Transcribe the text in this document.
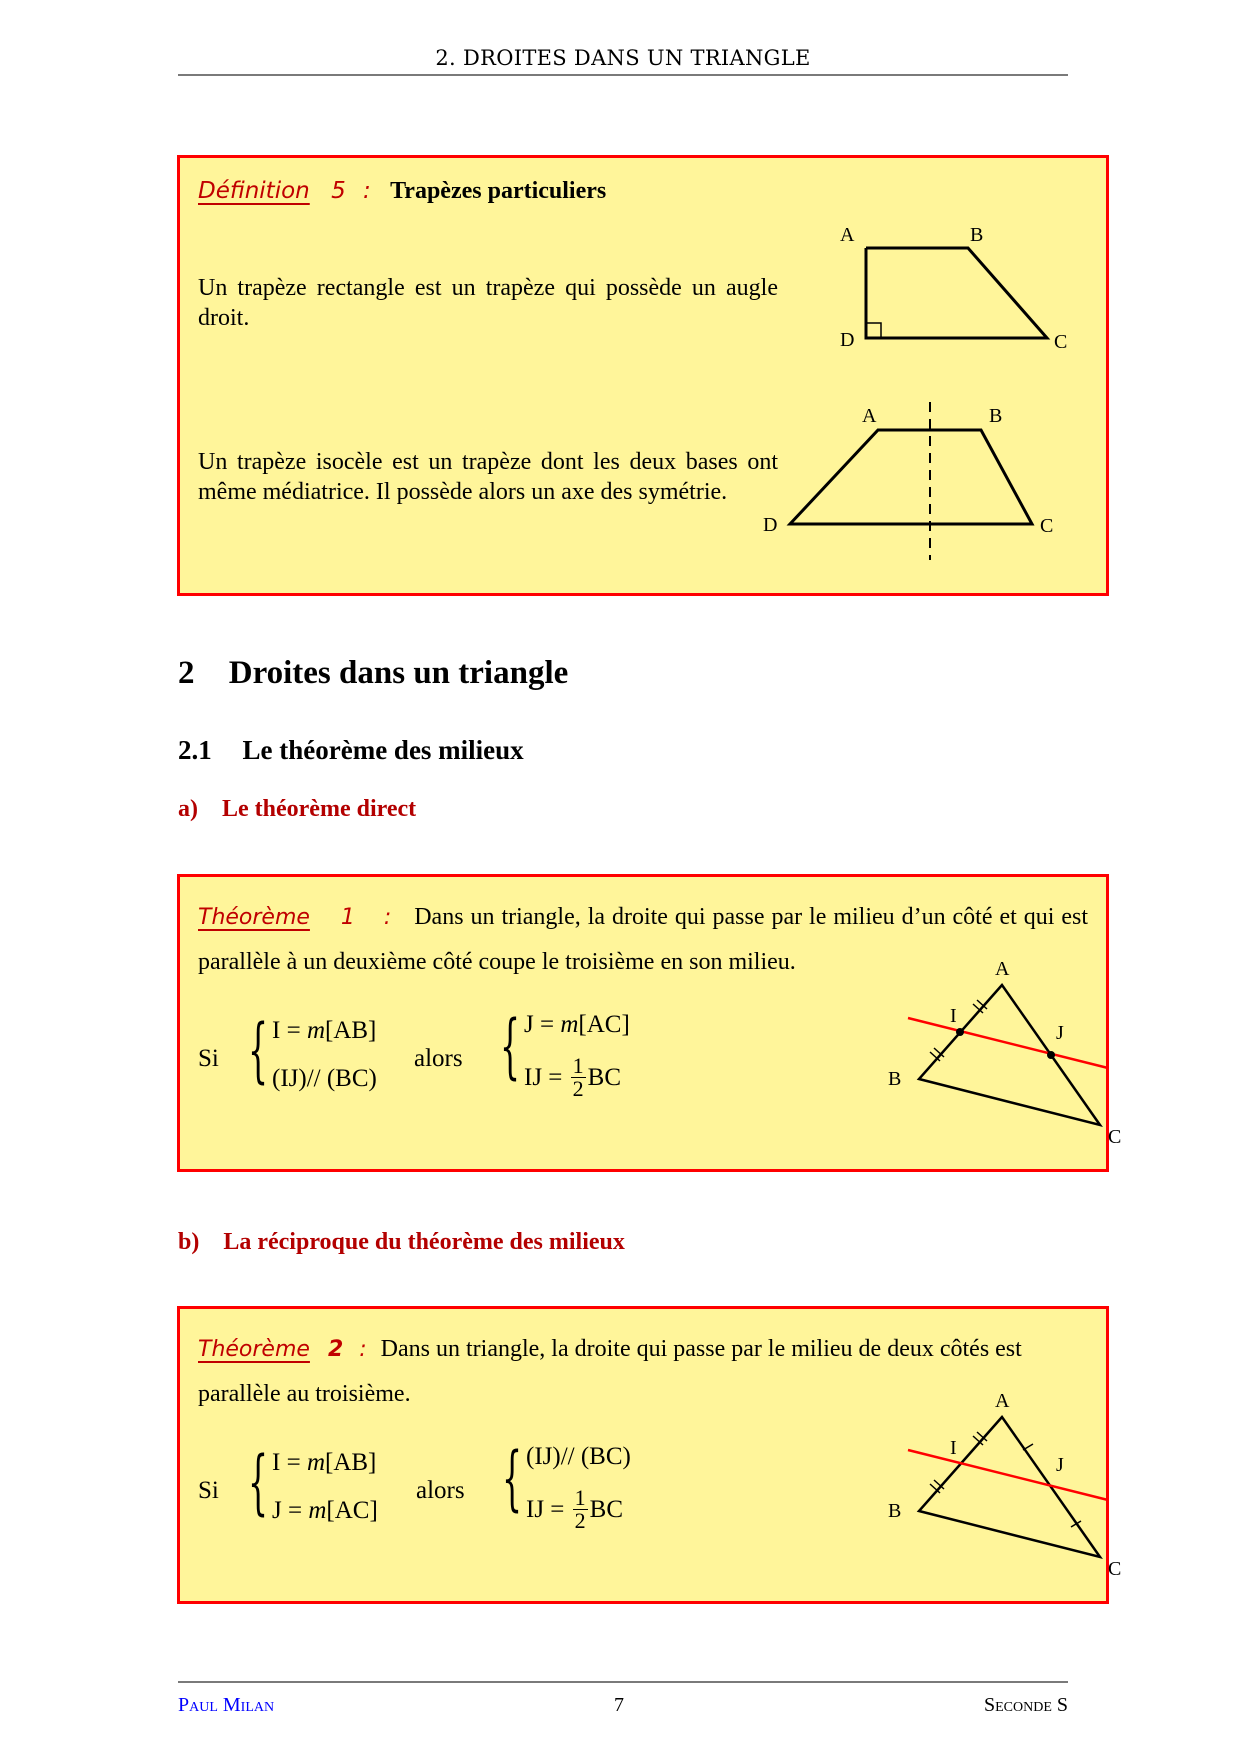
2. DROITES DANS UN TRIANGLE
Définition 5 : Trapèzes particuliers
Un trapèze rectangle est un trapèze qui possède un augle droit.
Un trapèze isocèle est un trapèze dont les deux bases ont même médiatrice. Il possède alors un axe des symétrie.
A	B
D	C
A	B
D	C
2 Droites dans un triangle
2.1 Le théorème des milieux
a) Le théorème direct
Théorème 1 : Dans un triangle, la droite qui passe par le milieu d’un côté et qui est parallèle à un deuxième côté coupe le troisième en son milieu.
Si { I = m[AB]
(IJ)// (BC)
alors { J = m[AC]
IJ = $\frac{1}{2}$ BC
A
I
J
B
C
b) La réciproque du théorème des milieux
Théorème 2 : Dans un triangle, la droite qui passe par le milieu de deux côtés est parallèle au troisième.
Si { I = m[AB]
J = m[AC]
alors { (IJ)// (BC)
IJ = $\frac{1}{2}$ BC
A
I
J
B
C
Paul Milan	7	Seconde S
